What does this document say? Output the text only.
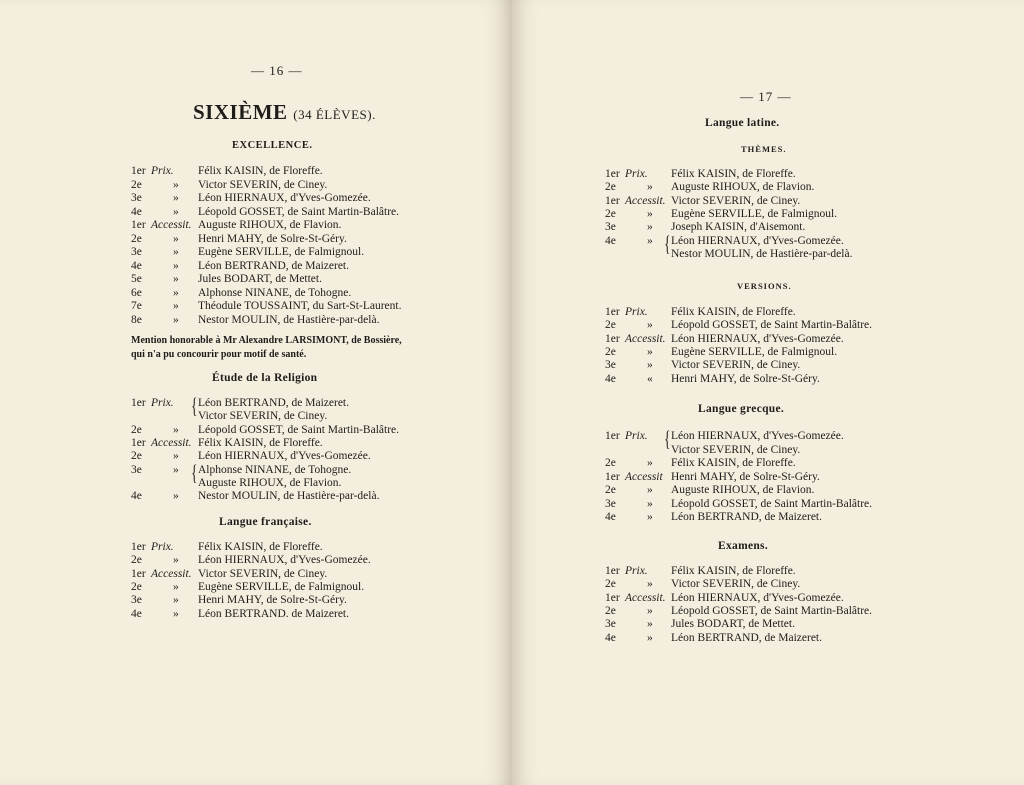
— 16 —
SIXIÈME (34 ÉLÈVES).
EXCELLENCE.
1er Prix. Félix KAISIN, de Floreffe.
2e	» Victor SEVERIN, de Ciney.
3e	» Léon HIERNAUX, d'Yves-Gomezée.
4e	» Léopold GOSSET, de Saint Martin-Balâtre.
1er Accessit. Auguste RIHOUX, de Flavion.
2e	» Henri MAHY, de Solre-St-Géry.
3e	» Eugène SERVILLE, de Falmignoul.
4e	» Léon BERTRAND, de Maizeret.
5e	» Jules BODART, de Mettet.
6e	» Alphonse NINANE, de Tohogne.
7e	» Théodule TOUSSAINT, du Sart-St-Laurent.
8e	» Nestor MOULIN, de Hastière-par-delà.
Mention honorable à Mr Alexandre LARSIMONT, de Bossière,
qui n'a pu concourir pour motif de santé.
Étude de la Religion
1er Prix. Léon BERTRAND, de Maizeret.
Victor SEVERIN, de Ciney.
2e	» Léopold GOSSET, de Saint Martin-Balâtre.
1er Accessit. Félix KAISIN, de Floreffe.
2e	» Léon HIERNAUX, d'Yves-Gomezée.
3e	» Alphonse NINANE, de Tohogne.
Auguste RIHOUX, de Flavion.
4e	» Nestor MOULIN, de Hastière-par-delà.
{
{
Langue française.
1er Prix. Félix KAISIN, de Floreffe.
2e	» Léon HIERNAUX, d'Yves-Gomezée.
1er Accessit. Victor SEVERIN, de Ciney.
2e	» Eugène SERVILLE, de Falmignoul.
3e	» Henri MAHY, de Solre-St-Géry.
4e	» Léon BERTRAND. de Maizeret.
— 17 —
Langue latine.
THÈMES.
1er Prix. Félix KAISIN, de Floreffe.
2e	» Auguste RIHOUX, de Flavion.
1er Accessit. Victor SEVERIN, de Ciney.
2e	» Eugène SERVILLE, de Falmignoul.
3e	» Joseph KAISIN, d'Aisemont.
4e	» Léon HIERNAUX, d'Yves-Gomezée.
Nestor MOULIN, de Hastière-par-delà.
{
VERSIONS.
1er Prix. Félix KAISIN, de Floreffe.
2e	» Léopold GOSSET, de Saint Martin-Balâtre.
1er Accessit. Léon HIERNAUX, d'Yves-Gomezée.
2e	» Eugène SERVILLE, de Falmignoul.
3e	» Victor SEVERIN, de Ciney.
4e	« Henri MAHY, de Solre-St-Géry.
Langue grecque.
1er Prix. Léon HIERNAUX, d'Yves-Gomezée.
Victor SEVERIN, de Ciney.
2e	» Félix KAISIN, de Floreffe.
1er Accessit Henri MAHY, de Solre-St-Géry.
2e	» Auguste RIHOUX, de Flavion.
3e	» Léopold GOSSET, de Saint Martin-Balâtre.
4e	» Léon BERTRAND, de Maizeret.
{
Examens.
1er Prix. Félix KAISIN, de Floreffe.
2e	» Victor SEVERIN, de Ciney.
1er Accessit. Léon HIERNAUX, d'Yves-Gomezée.
2e	» Léopold GOSSET, de Saint Martin-Balâtre.
3e	» Jules BODART, de Mettet.
4e	» Léon BERTRAND, de Maizeret.
